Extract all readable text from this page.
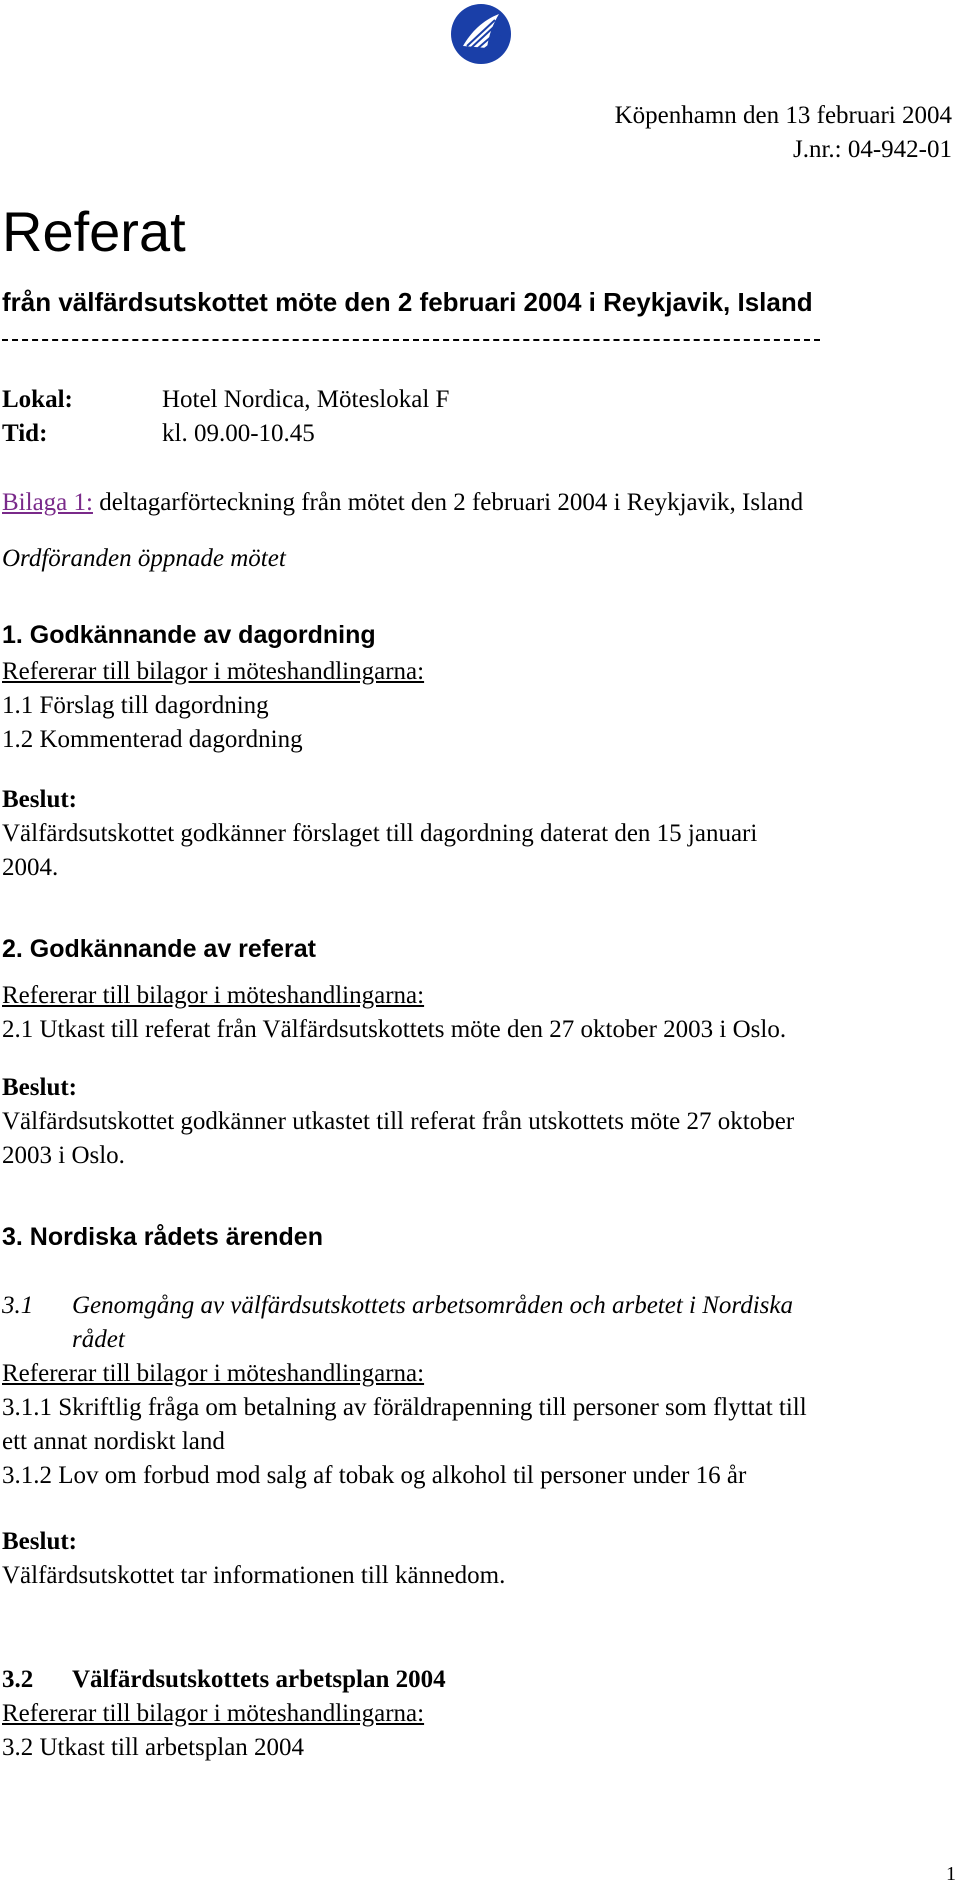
Köpenhamn den 13 februari 2004
J.nr.: 04-942-01
Referat
från välfärdsutskottet möte den 2 februari 2004 i Reykjavik, Island
Lokal:	Hotel Nordica, Möteslokal F
Tid:	kl. 09.00-10.45
Bilaga 1: deltagarförteckning från mötet den 2 februari 2004 i Reykjavik, Island
Ordföranden öppnade mötet
1. Godkännande av dagordning
Refererar till bilagor i möteshandlingarna:
1.1 Förslag till dagordning
1.2 Kommenterad dagordning
Beslut:
Välfärdsutskottet godkänner förslaget till dagordning daterat den 15 januari
2004.
2. Godkännande av referat
Refererar till bilagor i möteshandlingarna:
2.1 Utkast till referat från Välfärdsutskottets möte den 27 oktober 2003 i Oslo.
Beslut:
Välfärdsutskottet godkänner utkastet till referat från utskottets möte 27 oktober
2003 i Oslo.
3. Nordiska rådets ärenden
3.1 Genomgång av välfärdsutskottets arbetsområden och arbetet i Nordiska
rådet
Refererar till bilagor i möteshandlingarna:
3.1.1 Skriftlig fråga om betalning av föräldrapenning till personer som flyttat till
ett annat nordiskt land
3.1.2 Lov om forbud mod salg af tobak og alkohol til personer under 16 år
Beslut:
Välfärdsutskottet tar informationen till kännedom.
3.2 Välfärdsutskottets arbetsplan 2004
Refererar till bilagor i möteshandlingarna:
3.2 Utkast till arbetsplan 2004
1
